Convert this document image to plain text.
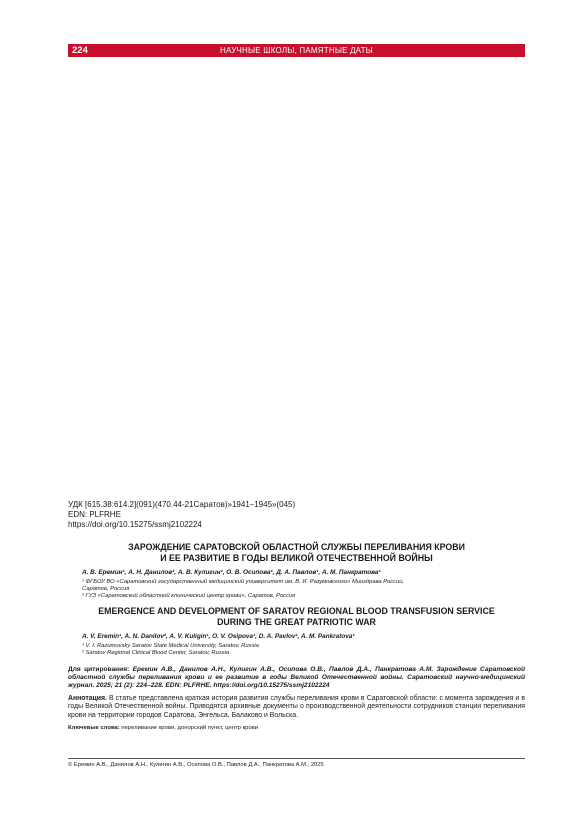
224	НАУЧНЫЕ ШКОЛЫ, ПАМЯТНЫЕ ДАТЫ
УДК [615.38:614.2](091)(470.44-21Саратов)»1941–1945»(045)
EDN: PLFRHE
https://doi.org/10.15275/ssmj2102224
ЗАРОЖДЕНИЕ САРАТОВСКОЙ ОБЛАСТНОЙ СЛУЖБЫ ПЕРЕЛИВАНИЯ КРОВИ
И ЕЕ РАЗВИТИЕ В ГОДЫ ВЕЛИКОЙ ОТЕЧЕСТВЕННОЙ ВОЙНЫ
А. В. Еремин¹, А. Н. Данилов², А. В. Кулигин¹, О. В. Осипова¹, Д. А. Павлов¹, А. М. Панкратова¹
¹ ФГБОУ ВО «Саратовский государственный медицинский университет им. В. И. Разумовского» Минздрава России,
Саратов, Россия
² ГУЗ «Саратовский областной клинический центр крови», Саратов, Россия
EMERGENCE AND DEVELOPMENT OF SARATOV REGIONAL BLOOD TRANSFUSION SERVICE
DURING THE GREAT PATRIOTIC WAR
A. V. Eremin¹, A. N. Danilov², A. V. Kuligin¹, O. V. Osipova¹, D. A. Pavlov¹, A. M. Pankratova¹
¹ V. I. Razumovsky Saratov State Medical University, Saratov, Russia
² Saratov Regional Clinical Blood Center, Saratov, Russia
Для цитирования: Еремин А.В., Данилов А.Н., Кулигин А.В., Осипова О.В., Павлов Д.А., Панкратова А.М. Зарождение Саратовской областной службы переливания крови и ее развитие в годы Великой Отечественной войны. Саратовский научно-медицинский журнал. 2025; 21 (2): 224–228. EDN: PLFRHE. https://doi.org/10.15275/ssmj2102224
Аннотация. В статье представлена краткая история развития службы переливания крови в Саратовской области: с момента зарождения и в годы Великой Отечественной войны. Приводятся архивные документы о производственной деятельности сотрудников станции переливания крови на территории городов Саратова, Энгельса, Балаково и Вольска.
Ключевые слова: переливание крови, донорский пункт, центр крови
© Еремин А.В., Данилов А.Н., Кулигин А.В., Осипова О.В., Павлов Д.А., Панкратова А.М., 2025
